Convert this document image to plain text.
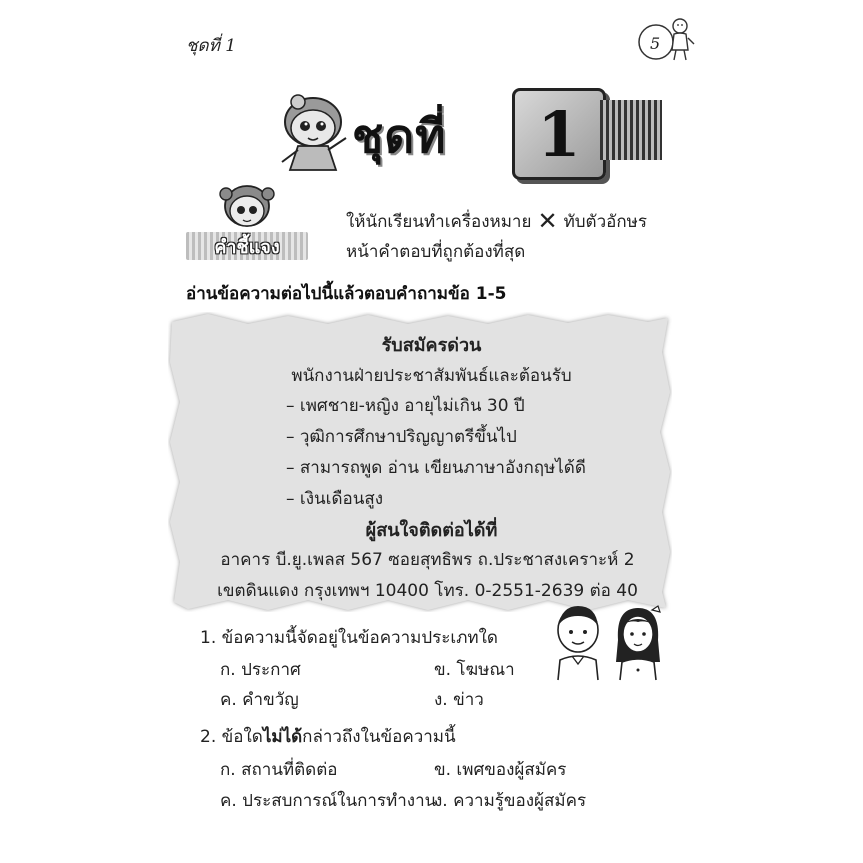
ชุดที่ 1	5
ชุดที่	1
คำชี้แจง
ให้นักเรียนทำเครื่องหมาย ✕ ทับตัวอักษร
หน้าคำตอบที่ถูกต้องที่สุด
อ่านข้อความต่อไปนี้แล้วตอบคำถามข้อ 1-5
รับสมัครด่วน
พนักงานฝ่ายประชาสัมพันธ์และต้อนรับ
– เพศชาย-หญิง อายุไม่เกิน 30 ปี
– วุฒิการศึกษาปริญญาตรีขึ้นไป
– สามารถพูด อ่าน เขียนภาษาอังกฤษได้ดี
– เงินเดือนสูง
ผู้สนใจติดต่อได้ที่
อาคาร บี.ยู.เพลส 567 ซอยสุทธิพร ถ.ประชาสงเคราะห์ 2
เขตดินแดง กรุงเทพฯ 10400 โทร. 0-2551-2639 ต่อ 40
1. ข้อความนี้จัดอยู่ในข้อความประเภทใด
ก. ประกาศ	ข. โฆษณา
ค. คำขวัญ	ง. ข่าว
2. ข้อใดไม่ได้กล่าวถึงในข้อความนี้
ก. สถานที่ติดต่อ	ข. เพศของผู้สมัคร
ค. ประสบการณ์ในการทำงาน
ง. ความรู้ของผู้สมัคร
